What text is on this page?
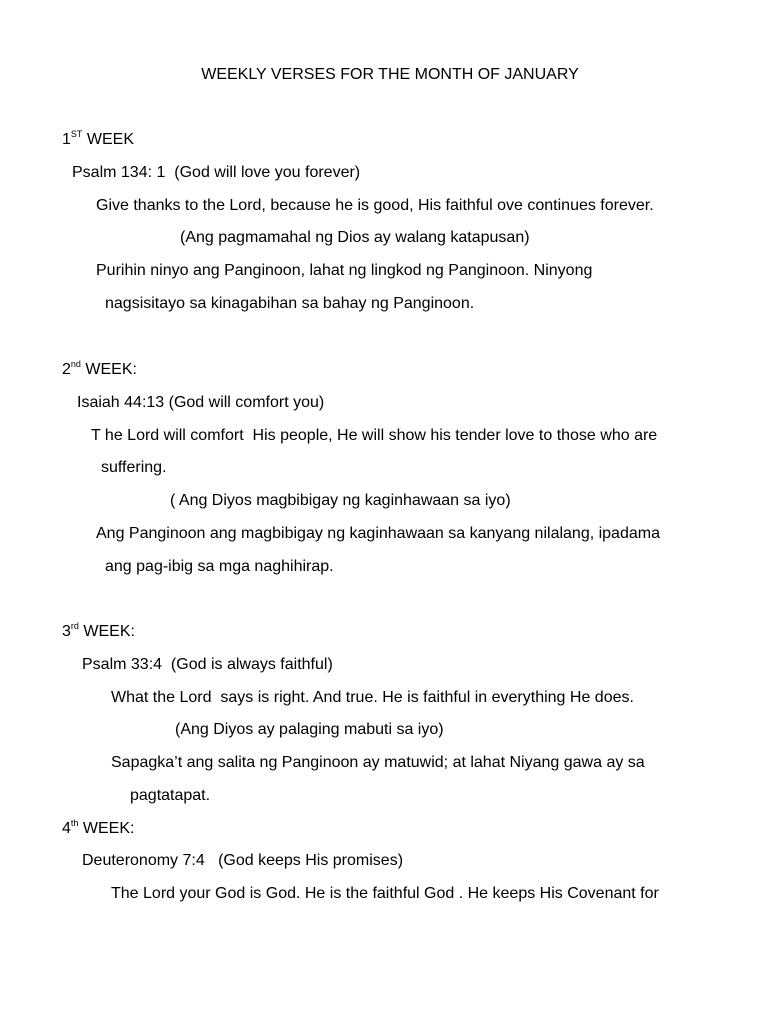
WEEKLY VERSES FOR THE MONTH OF JANUARY

1ST WEEK

Psalm 134: 1  (God will love you forever)

Give thanks to the Lord, because he is good, His faithful ove continues forever.

(Ang pagmamahal ng Dios ay walang katapusan)

Purihin ninyo ang Panginoon, lahat ng lingkod ng Panginoon. Ninyong

nagsisitayo sa kinagabihan sa bahay ng Panginoon.

2nd WEEK:

Isaiah 44:13 (God will comfort you)

T he Lord will comfort  His people, He will show his tender love to those who are

suffering.

( Ang Diyos magbibigay ng kaginhawaan sa iyo)

Ang Panginoon ang magbibigay ng kaginhawaan sa kanyang nilalang, ipadama

ang pag-ibig sa mga naghihirap.

3rd WEEK:

Psalm 33:4  (God is always faithful)

What the Lord  says is right. And true. He is faithful in everything He does.

(Ang Diyos ay palaging mabuti sa iyo)

Sapagka’t ang salita ng Panginoon ay matuwid; at lahat Niyang gawa ay sa

pagtatapat.

4th WEEK:

Deuteronomy 7:4   (God keeps His promises)

The Lord your God is God. He is the faithful God . He keeps His Covenant for
